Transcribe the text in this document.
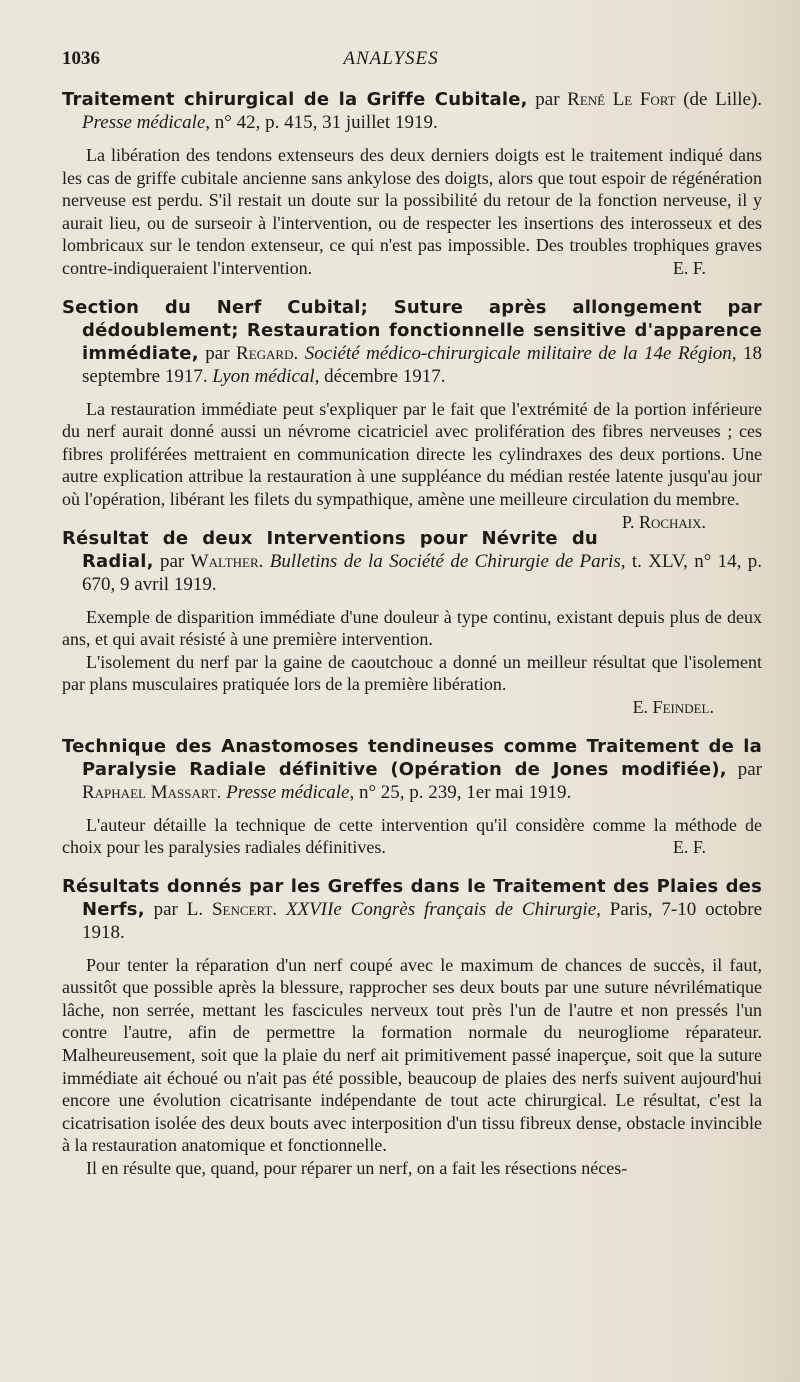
1036	ANALYSES

Traitement chirurgical de la Griffe Cubitale, par René Le Fort (de Lille). Presse médicale, n° 42, p. 415, 31 juillet 1919.

La libération des tendons extenseurs des deux derniers doigts est le traitement indiqué dans les cas de griffe cubitale ancienne sans ankylose des doigts, alors que tout espoir de régénération nerveuse est perdu. S'il restait un doute sur la possibilité du retour de la fonction nerveuse, il y aurait lieu, ou de surseoir à l'intervention, ou de respecter les insertions des interosseux et des lombricaux sur le tendon extenseur, ce qui n'est pas impossible. Des troubles trophiques graves contre-indiqueraient l'intervention.	E. F.

Section du Nerf Cubital; Suture après allongement par dédoublement; Restauration fonctionnelle sensitive d'apparence immédiate, par Regard. Société médico-chirurgicale militaire de la 14e Région, 18 septembre 1917. Lyon médical, décembre 1917.

La restauration immédiate peut s'expliquer par le fait que l'extrémité de la portion inférieure du nerf aurait donné aussi un névrome cicatriciel avec prolifération des fibres nerveuses ; ces fibres proliférées mettraient en communication directe les cylindraxes des deux portions. Une autre explication attribue la restauration à une suppléance du médian restée latente jusqu'au jour où l'opération, libérant les filets du sympathique, amène une meilleure circulation du membre.
P. Rochaix.

Résultat de deux Interventions pour Névrite du Radial, par Walther. Bulletins de la Société de Chirurgie de Paris, t. XLV, n° 14, p. 670, 9 avril 1919.

Exemple de disparition immédiate d'une douleur à type continu, existant depuis plus de deux ans, et qui avait résisté à une première intervention.

L'isolement du nerf par la gaine de caoutchouc a donné un meilleur résultat que l'isolement par plans musculaires pratiquée lors de la première libération.

E. Feindel.

Technique des Anastomoses tendineuses comme Traitement de la Paralysie Radiale définitive (Opération de Jones modifiée), par Raphael Massart. Presse médicale, n° 25, p. 239, 1er mai 1919.

L'auteur détaille la technique de cette intervention qu'il considère comme la méthode de choix pour les paralysies radiales définitives.	E. F.

Résultats donnés par les Greffes dans le Traitement des Plaies des Nerfs, par L. Sencert. XXVIIe Congrès français de Chirurgie, Paris, 7-10 octobre 1918.

Pour tenter la réparation d'un nerf coupé avec le maximum de chances de succès, il faut, aussitôt que possible après la blessure, rapprocher ses deux bouts par une suture névrilématique lâche, non serrée, mettant les fascicules nerveux tout près l'un de l'autre et non pressés l'un contre l'autre, afin de permettre la formation normale du neurogliome réparateur. Malheureusement, soit que la plaie du nerf ait primitivement passé inaperçue, soit que la suture immédiate ait échoué ou n'ait pas été possible, beaucoup de plaies des nerfs suivent aujourd'hui encore une évolution cicatrisante indépendante de tout acte chirurgical. Le résultat, c'est la cicatrisation isolée des deux bouts avec interposition d'un tissu fibreux dense, obstacle invincible à la restauration anatomique et fonctionnelle.

Il en résulte que, quand, pour réparer un nerf, on a fait les résections néces-
